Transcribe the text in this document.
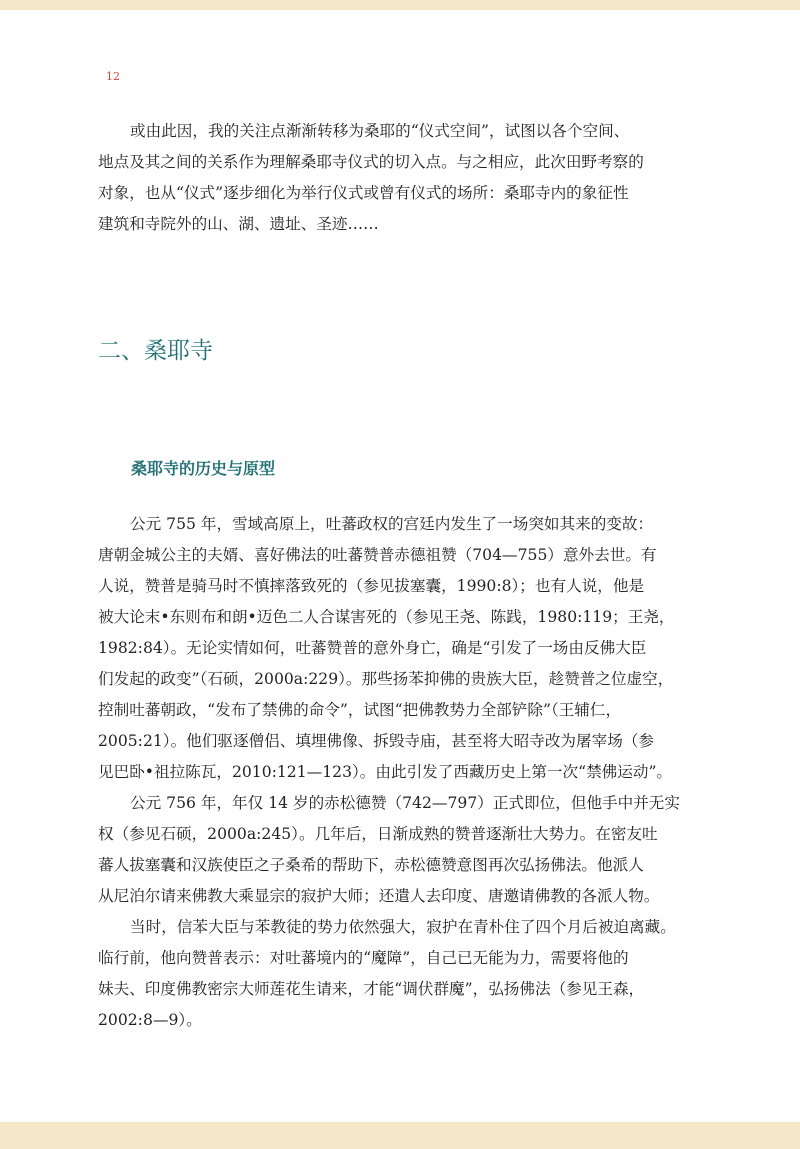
12
或由此因，我的关注点渐渐转移为桑耶的“仪式空间”，试图以各个空间、
地点及其之间的关系作为理解桑耶寺仪式的切入点。与之相应，此次田野考察的
对象，也从“仪式”逐步细化为举行仪式或曾有仪式的场所：桑耶寺内的象征性
建筑和寺院外的山、湖、遗址、圣迹……
二、桑耶寺
桑耶寺的历史与原型
公元 755 年，雪域高原上，吐蕃政权的宫廷内发生了一场突如其来的变故：
唐朝金城公主的夫婿、喜好佛法的吐蕃赞普赤德祖赞（704—755）意外去世。有
人说，赞普是骑马时不慎摔落致死的（参见拔塞囊，1990:8）；也有人说，他是
被大论末•东则布和朗•迈色二人合谋害死的（参见王尧、陈践，1980:119；王尧，
1982:84）。无论实情如何，吐蕃赞普的意外身亡，确是“引发了一场由反佛大臣
们发起的政变”（石硕，2000a:229）。那些扬苯抑佛的贵族大臣，趁赞普之位虚空，
控制吐蕃朝政，“发布了禁佛的命令”，试图“把佛教势力全部铲除”（王辅仁，
2005:21）。他们驱逐僧侣、填埋佛像、拆毁寺庙，甚至将大昭寺改为屠宰场（参
见巴卧•祖拉陈瓦，2010:121—123）。由此引发了西藏历史上第一次“禁佛运动”。
公元 756 年，年仅 14 岁的赤松德赞（742—797）正式即位，但他手中并无实
权（参见石硕，2000a:245）。几年后，日渐成熟的赞普逐渐壮大势力。在密友吐
蕃人拔塞囊和汉族使臣之子桑希的帮助下，赤松德赞意图再次弘扬佛法。他派人
从尼泊尔请来佛教大乘显宗的寂护大师；还遣人去印度、唐邀请佛教的各派人物。
当时，信苯大臣与苯教徒的势力依然强大，寂护在青朴住了四个月后被迫离藏。
临行前，他向赞普表示：对吐蕃境内的“魔障”，自己已无能为力，需要将他的
妹夫、印度佛教密宗大师莲花生请来，才能“调伏群魔”，弘扬佛法（参见王森，
2002:8—9）。
